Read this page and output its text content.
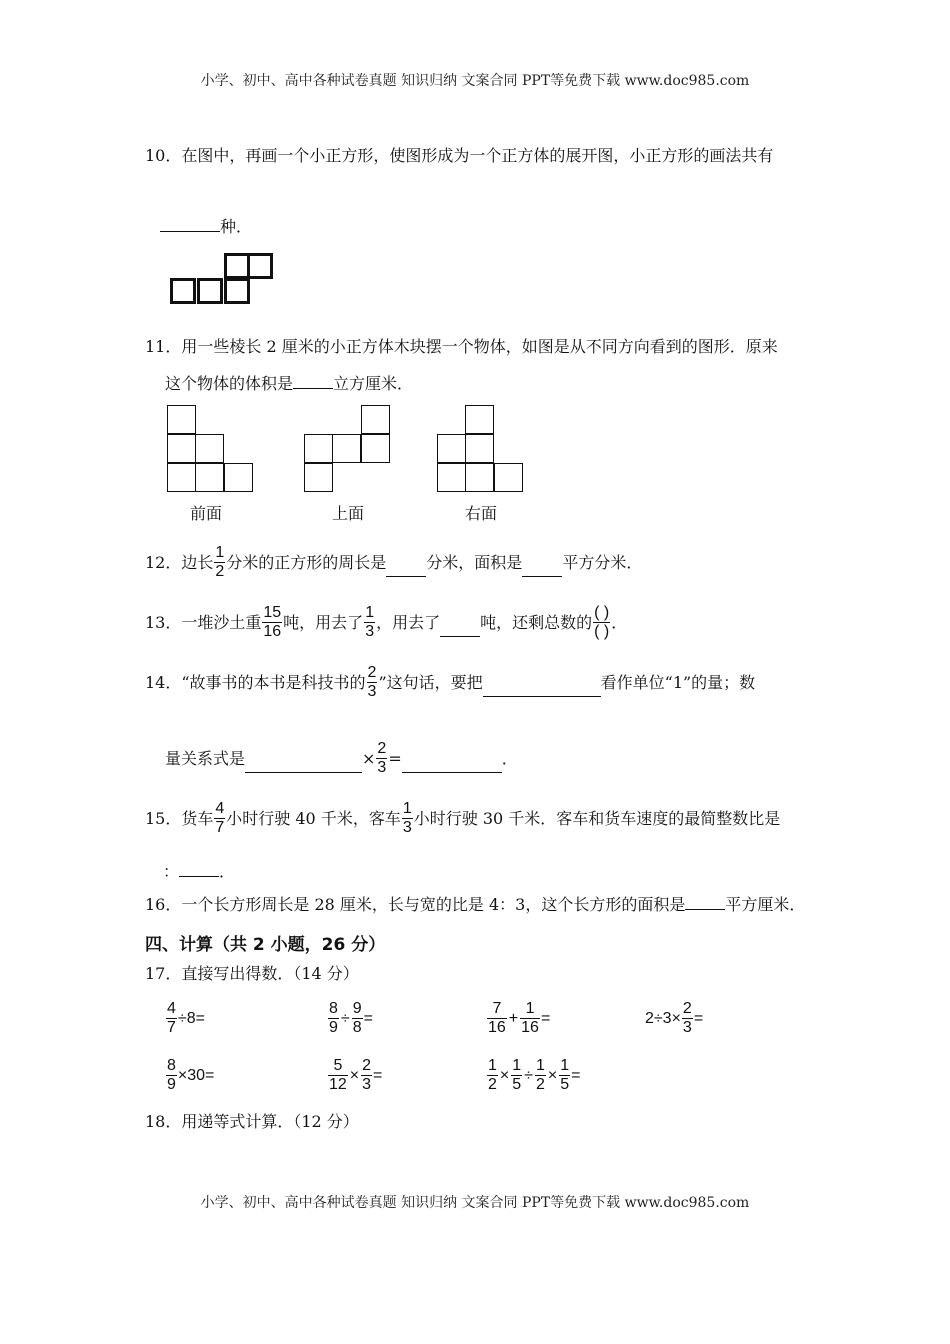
小学、初中、高中各种试卷真题 知识归纳 文案合同 PPT等免费下载 www.doc985.com
10．在图中，再画一个小正方形，使图形成为一个正方体的展开图，小正方形的画法共有
种．
11．用一些棱长 2 厘米的小正方体木块摆一个物体，如图是从不同方向看到的图形．原来
这个物体的体积是	立方厘米．
前面	上面	右面
12．边长 $\frac{1}{2}$ 分米的正方形的周长是	分米，面积是	平方分米．
13．一堆沙土重 $\frac{15}{16}$ 吨，用去了 $\frac{1}{3}$ ，用去了	吨，还剩总数的 $\frac{( )}{( )}$ ．
14．“故事书的本书是科技书的 $\frac{2}{3}$ ”这句话，要把	看作单位“1”的量；数
量关系式是	× $\frac{2}{3}$ =	．
15．货车 $\frac{4}{7}$ 小时行驶 40 千米，客车 $\frac{1}{3}$ 小时行驶 30 千米．客车和货车速度的最简整数比是
：	．
16．一个长方形周长是 28 厘米，长与宽的比是 4：3，这个长方形的面积是	平方厘米．
四、计算（共 2 小题，26 分）
17．直接写出得数．（14 分）
$\frac{4}{7} \div 8=$	$\frac{8}{9} \div \frac{9}{8}$ =	$\frac{7}{16} + \frac{1}{16}$ =	$2\div 3\times \frac{2}{3}$ =
$\frac{8}{9} \times 30=$	$\frac{5}{12} \times \frac{2}{3}$ =	$\frac{1}{2} \times \frac{1}{5} \div \frac{1}{2} \times \frac{1}{5}$ =
18．用递等式计算．（12 分）
小学、初中、高中各种试卷真题 知识归纳 文案合同 PPT等免费下载 www.doc985.com
